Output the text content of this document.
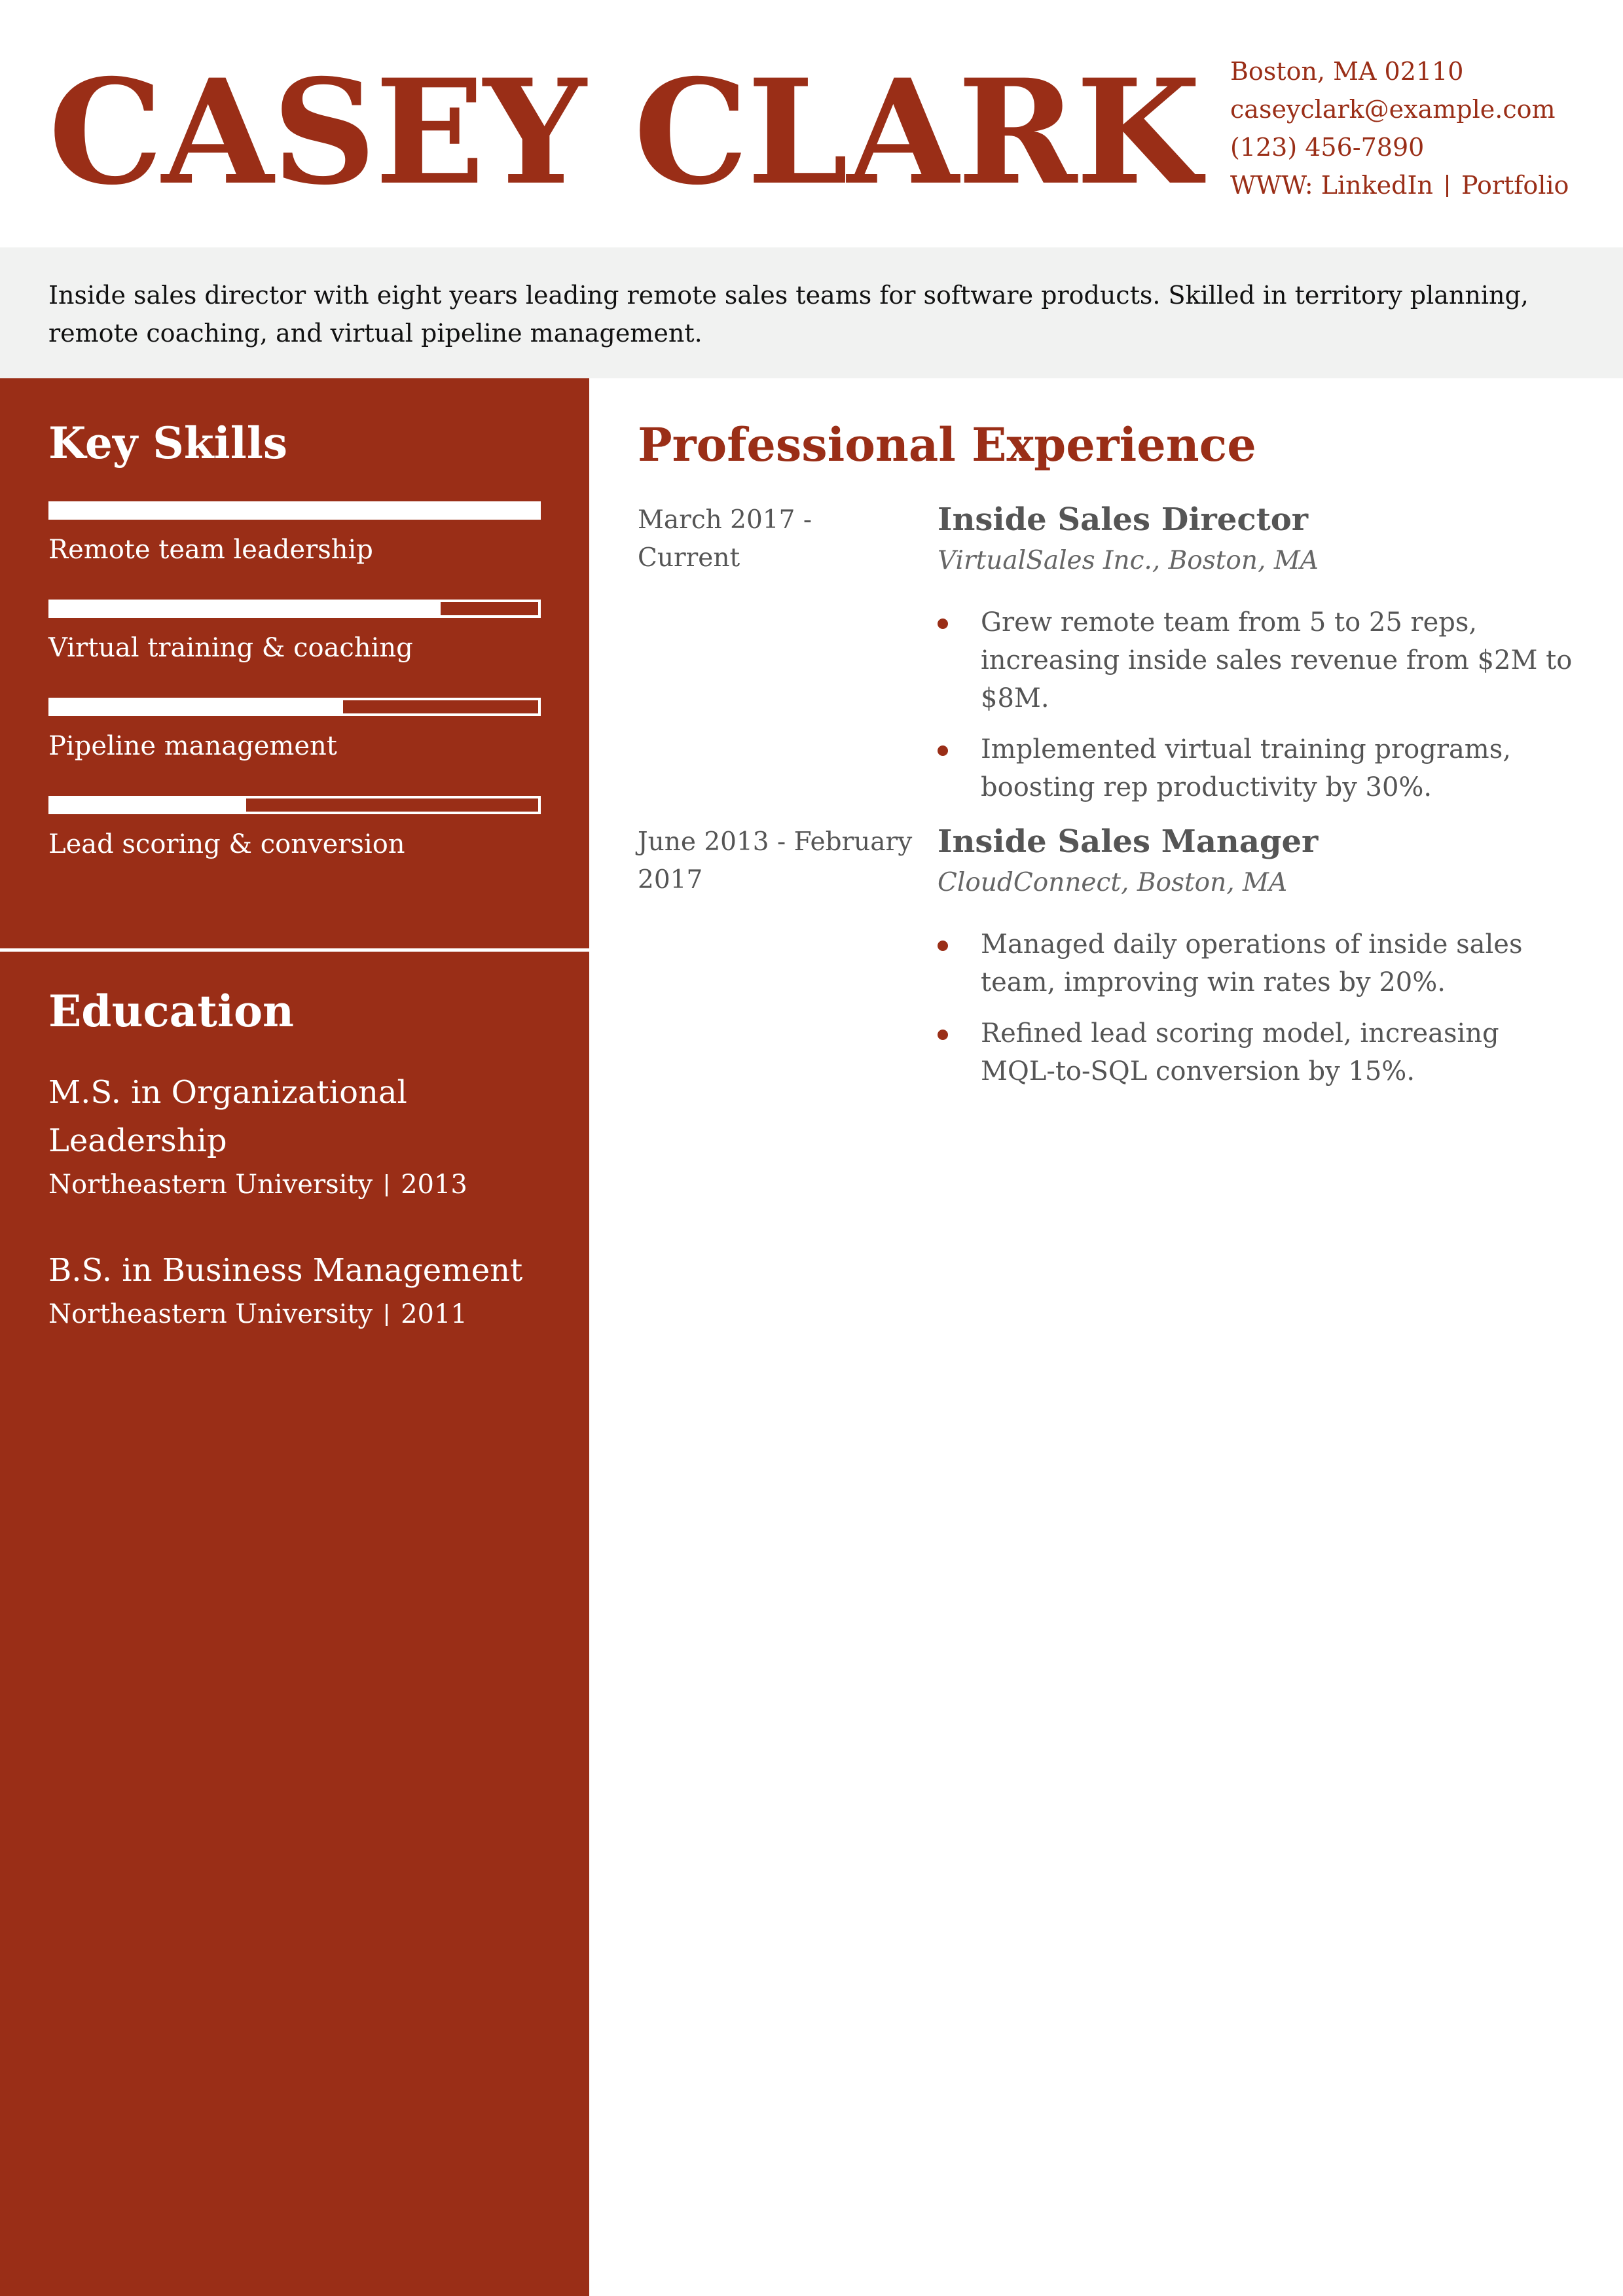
CASEY CLARK Boston, MA 02110
caseyclark@example.com
(123) 456-7890
WWW: LinkedIn Portfolio

Inside sales director with eight years leading remote sales teams for software products. Skilled in territory planning, remote coaching, and virtual pipeline management.

Key Skills
Remote team leadership
Virtual training & coaching
Pipeline management
Lead scoring & conversion
Education
M.S. in Organizational Leadership
Northeastern University 2013
B.S. in Business Management
Northeastern University 2011
Professional Experience
March 2017 - Current
Inside Sales Director
VirtualSales Inc., Boston, MA
Grew remote team from 5 to 25 reps, increasing inside sales revenue from $2M to $8M.
Implemented virtual training programs, boosting rep productivity by 30%.
June 2013 - February 2017
Inside Sales Manager
CloudConnect, Boston, MA
Managed daily operations of inside sales team, improving win rates by 20%.
Refined lead scoring model, increasing MQL-to-SQL conversion by 15%.
